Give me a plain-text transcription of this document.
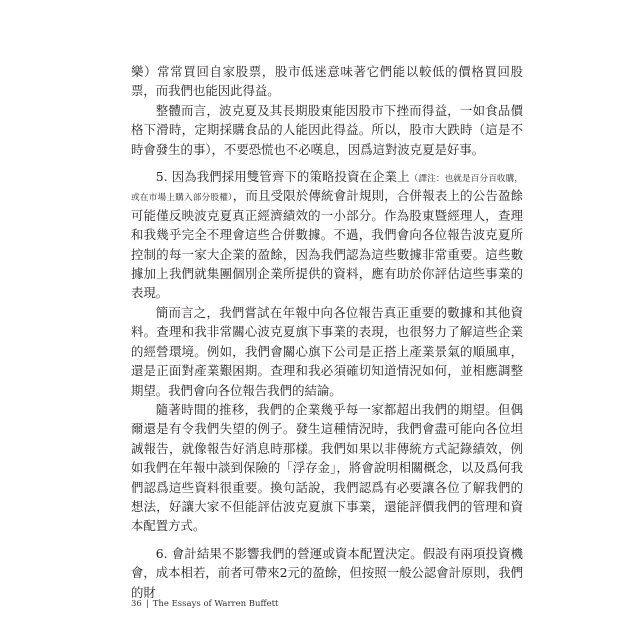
樂）常常買回自家股票，股市低迷意味著它們能以較低的價格買回股票，而我們也能因此得益。

整體而言，波克夏及其長期股東能因股市下挫而得益，一如食品價格下滑時，定期採購食品的人能因此得益。所以，股市大跌時（這是不時會發生的事），不要恐慌也不必嘆息，因爲這對波克夏是好事。

5. 因為我們採用雙管齊下的策略投資在企業上（譯注：也就是百分百收購，或在市場上購入部分股權），而且受限於傳統會計規則，合併報表上的公告盈餘可能僅反映波克夏真正經濟績效的一小部分。作為股東暨經理人，查理和我幾乎完全不理會這些合併數據。不過，我們會向各位報告波克夏所控制的每一家大企業的盈餘，因為我們認為這些數據非常重要。這些數據加上我們就集團個別企業所提供的資料，應有助於你評估這些事業的表現。

簡而言之，我們嘗試在年報中向各位報告真正重要的數據和其他資料。查理和我非常關心波克夏旗下事業的表現，也很努力了解這些企業的經營環境。例如，我們會關心旗下公司是正搭上產業景氣的順風車，還是正面對產業艱困期。查理和我必須確切知道情況如何，並相應調整期望。我們會向各位報告我們的結論。

隨著時間的推移，我們的企業幾乎每一家都超出我們的期望。但偶爾還是有令我們失望的例子。發生這種情況時，我們會盡可能向各位坦誠報告，就像報告好消息時那樣。我們如果以非傳統方式記錄績效，例如我們在年報中談到保險的「浮存金」，將會說明相關概念，以及爲何我們認爲這些資料很重要。換句話說，我們認爲有必要讓各位了解我們的想法，好讓大家不但能評估波克夏旗下事業，還能評價我們的管理和資本配置方式。

6. 會計結果不影響我們的營運或資本配置決定。假設有兩項投資機會，成本相若，前者可帶來2元的盈餘，但按照一般公認會計原則，我們的財

36 | The Essays of Warren Buffett
